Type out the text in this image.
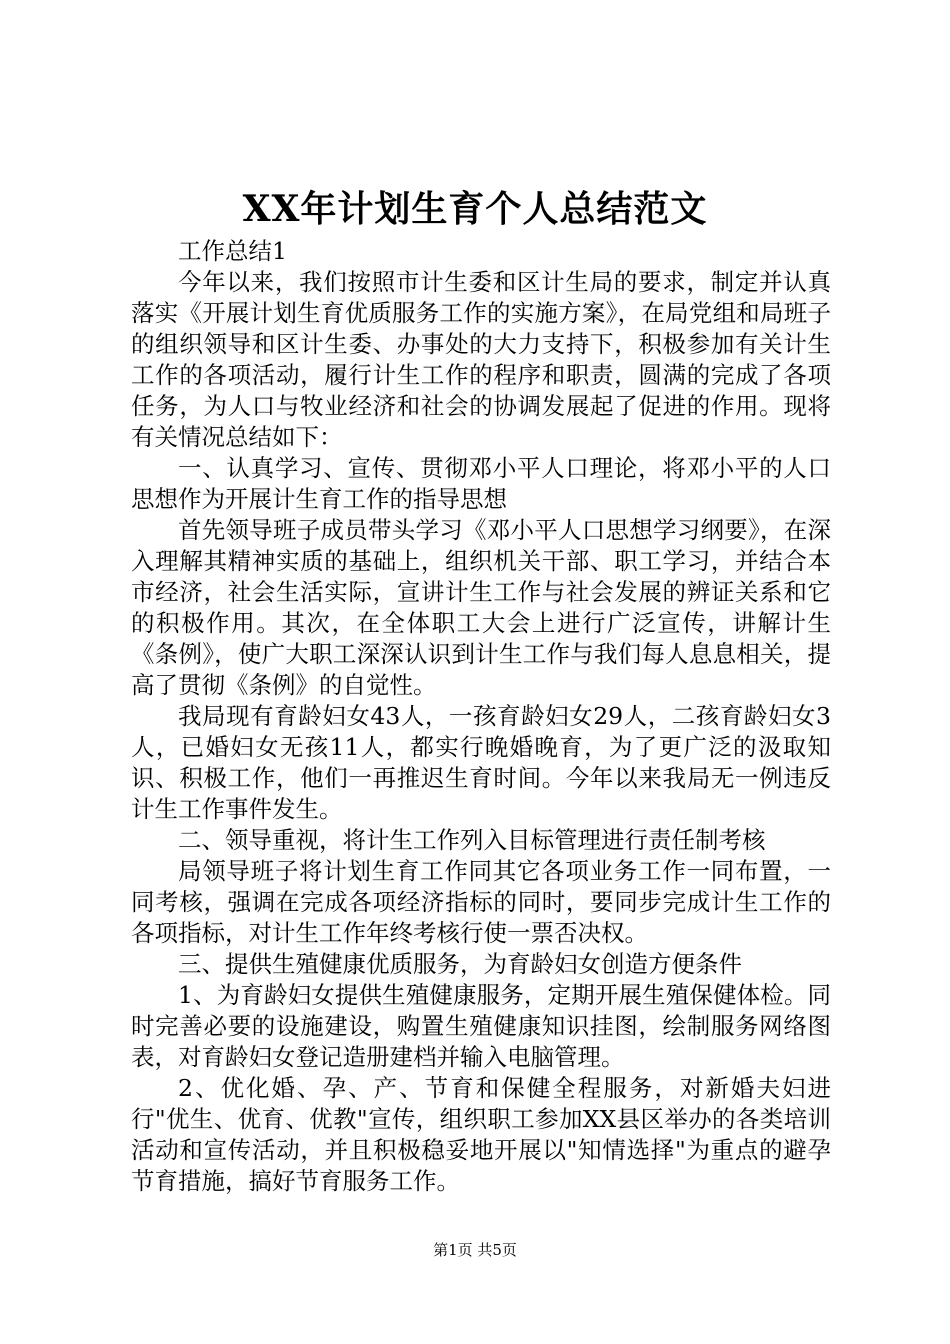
XX年计划生育个人总结范文

工作总结1

今年以来，我们按照市计生委和区计生局的要求，制定并认真落实《开展计划生育优质服务工作的实施方案》，在局党组和局班子的组织领导和区计生委、办事处的大力支持下，积极参加有关计生工作的各项活动，履行计生工作的程序和职责，圆满的完成了各项任务，为人口与牧业经济和社会的协调发展起了促进的作用。现将有关情况总结如下：

一、认真学习、宣传、贯彻邓小平人口理论，将邓小平的人口思想作为开展计生育工作的指导思想

首先领导班子成员带头学习《邓小平人口思想学习纲要》，在深入理解其精神实质的基础上，组织机关干部、职工学习，并结合本市经济，社会生活实际，宣讲计生工作与社会发展的辨证关系和它的积极作用。其次，在全体职工大会上进行广泛宣传，讲解计生《条例》，使广大职工深深认识到计生工作与我们每人息息相关，提高了贯彻《条例》的自觉性。

我局现有育龄妇女43人，一孩育龄妇女29人，二孩育龄妇女3人，已婚妇女无孩11人，都实行晚婚晚育，为了更广泛的汲取知识、积极工作，他们一再推迟生育时间。今年以来我局无一例违反计生工作事件发生。

二、领导重视，将计生工作列入目标管理进行责任制考核

局领导班子将计划生育工作同其它各项业务工作一同布置，一同考核，强调在完成各项经济指标的同时，要同步完成计生工作的各项指标，对计生工作年终考核行使一票否决权。

三、提供生殖健康优质服务，为育龄妇女创造方便条件

1、为育龄妇女提供生殖健康服务，定期开展生殖保健体检。同时完善必要的设施建设，购置生殖健康知识挂图，绘制服务网络图表，对育龄妇女登记造册建档并输入电脑管理。

2、优化婚、孕、产、节育和保健全程服务，对新婚夫妇进行"优生、优育、优教"宣传，组织职工参加XX县区举办的各类培训活动和宣传活动，并且积极稳妥地开展以"知情选择"为重点的避孕节育措施，搞好节育服务工作。

第1页 共5页
